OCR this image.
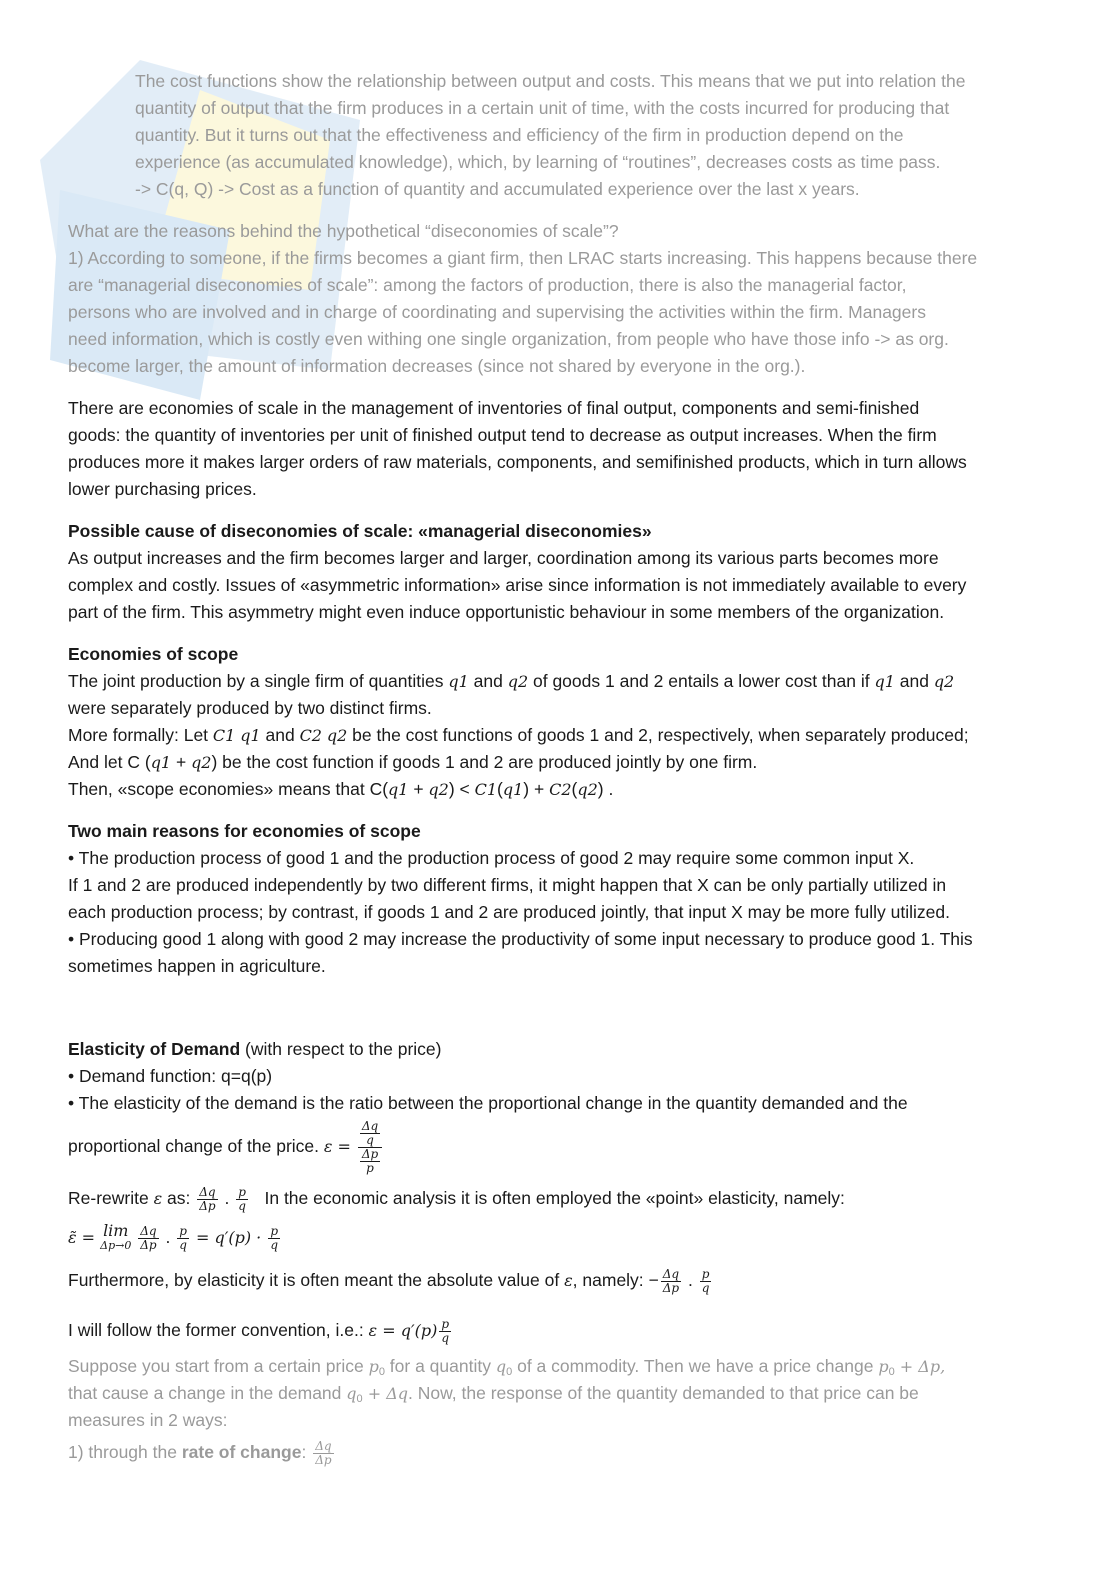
The cost functions show the relationship between output and costs. This means that we put into relation the
quantity of output that the firm produces in a certain unit of time, with the costs incurred for producing that
quantity. But it turns out that the effectiveness and efficiency of the firm in production depend on the
experience (as accumulated knowledge), which, by learning of “routines”, decreases costs as time pass.
-> C(q, Q) -> Cost as a function of quantity and accumulated experience over the last x years.
What are the reasons behind the hypothetical “diseconomies of scale”?
1) According to someone, if the firms becomes a giant firm, then LRAC starts increasing. This happens because there
are “managerial diseconomies of scale”: among the factors of production, there is also the managerial factor,
persons who are involved and in charge of coordinating and supervising the activities within the firm. Managers
need information, which is costly even withing one single organization, from people who have those info -> as org.
become larger, the amount of information decreases (since not shared by everyone in the org.).
There are economies of scale in the management of inventories of final output, components and semi-finished
goods: the quantity of inventories per unit of finished output tend to decrease as output increases. When the firm
produces more it makes larger orders of raw materials, components, and semifinished products, which in turn allows
lower purchasing prices.
Possible cause of diseconomies of scale: «managerial diseconomies»
As output increases and the firm becomes larger and larger, coordination among its various parts becomes more
complex and costly. Issues of «asymmetric information» arise since information is not immediately available to every
part of the firm. This asymmetry might even induce opportunistic behaviour in some members of the organization.
Economies of scope
The joint production by a single firm of quantities q1 and q2 of goods 1 and 2 entails a lower cost than if q1 and q2
were separately produced by two distinct firms.
More formally: Let C1 q1 and C2 q2 be the cost functions of goods 1 and 2, respectively, when separately produced;
And let C (q1 + q2) be the cost function if goods 1 and 2 are produced jointly by one firm.
Then, «scope economies» means that C(q1 + q2) < C1(q1) + C2(q2) .
Two main reasons for economies of scope
• The production process of good 1 and the production process of good 2 may require some common input X.
If 1 and 2 are produced independently by two different firms, it might happen that X can be only partially utilized in
each production process; by contrast, if goods 1 and 2 are produced jointly, that input X may be more fully utilized.
• Producing good 1 along with good 2 may increase the productivity of some input necessary to produce good 1. This
sometimes happen in agriculture.
Elasticity of Demand (with respect to the price)
• Demand function: q=q(p)
• The elasticity of the demand is the ratio between the proportional change in the quantity demanded and the
proportional change of the price. $\varepsilon = \frac{\frac{\Delta q}{q}}{\frac{\Delta p}{p}}$
Re-rewrite ε as: $\frac{\Delta q}{\Delta p}$ . $\frac{p}{q}$ In the economic analysis it is often employed the «point» elasticity, namely:
ε̃ = lim
Δp→0
$\frac{\Delta q}{\Delta p}$ . $\frac{p}{q} = q'(p) \cdot \frac{p}{q}$
Furthermore, by elasticity it is often meant the absolute value of ε, namely: − $\frac{\Delta q}{\Delta p}$ . $\frac{p}{q}$
I will follow the former convention, i.e.: $\varepsilon = q'(p) \frac{p}{q}$
Suppose you start from a certain price $p_0$ for a quantity $q_0$ of a commodity. Then we have a price change $p_0 + \Delta p$,
that cause a change in the demand $q_0 + \Delta q$. Now, the response of the quantity demanded to that price can be
measures in 2 ways:
1) through the rate of change: $\frac{\Delta q}{\Delta p}$
